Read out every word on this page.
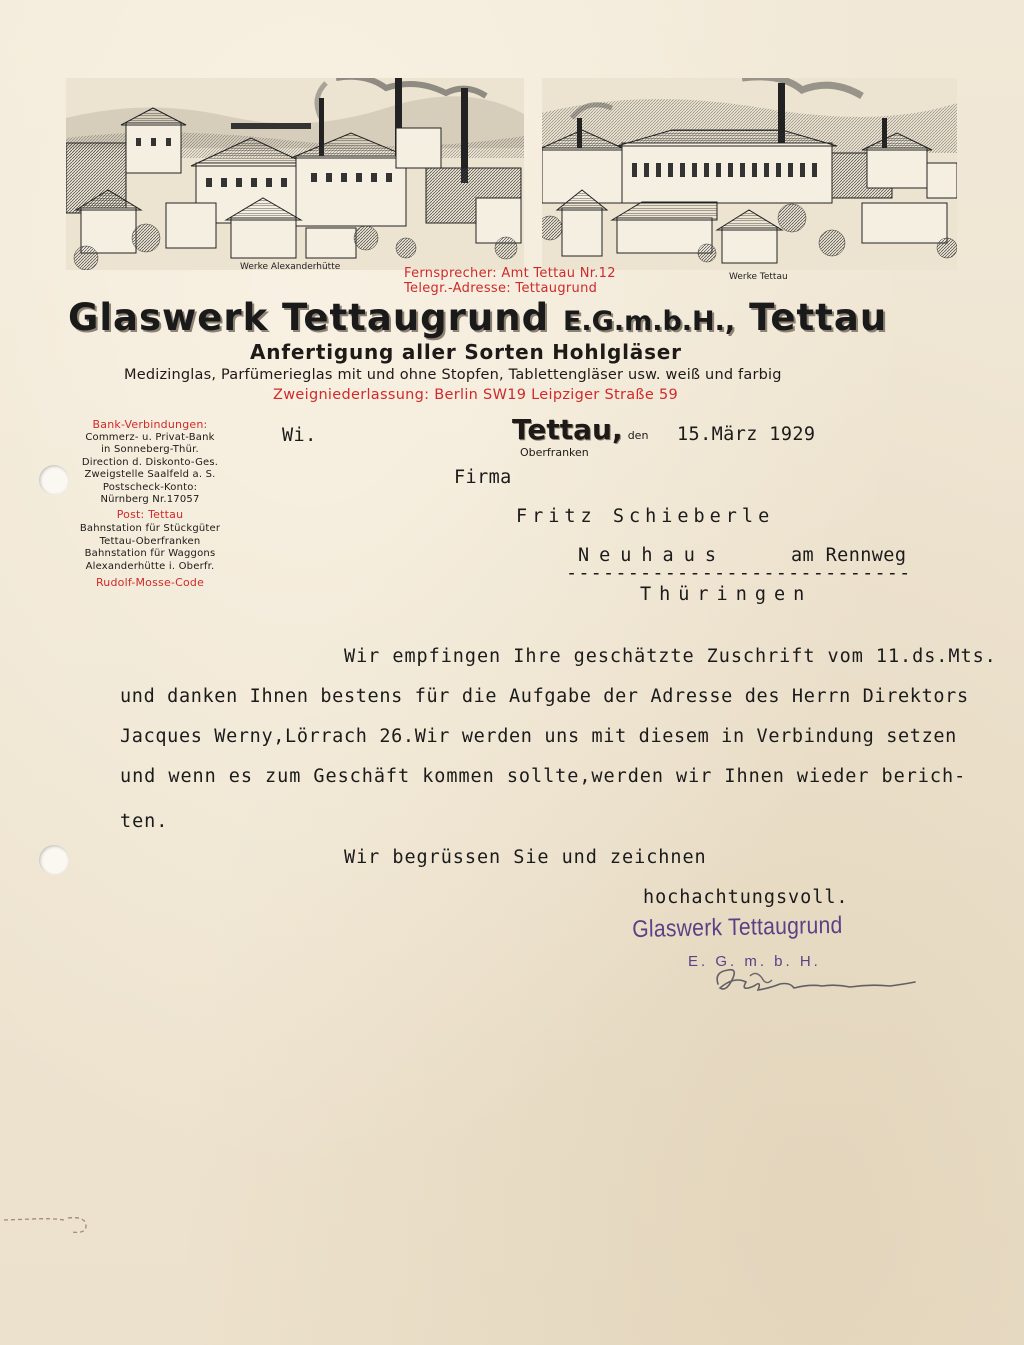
Werke Alexanderhütte
Werke Tettau
Fernsprecher: Amt Tettau Nr.12
Telegr.-Adresse: Tettaugrund
Glaswerk Tettaugrund E.G.m.b.H., Tettau
Anfertigung aller Sorten Hohlgläser
Medizinglas, Parfümerieglas mit und ohne Stopfen, Tablettengläser usw. weiß und farbig
Zweigniederlassung: Berlin SW19 Leipziger Straße 59
Bank-Verbindungen:
Commerz- u. Privat-Bank
in Sonneberg-Thür.
Direction d. Diskonto-Ges.
Zweigstelle Saalfeld a. S.
Postscheck-Konto:
Nürnberg Nr.17057
Post: Tettau
Bahnstation für Stückgüter
Tettau-Oberfranken
Bahnstation für Waggons
Alexanderhütte i. Oberfr.
Rudolf-Mosse-Code
Wi.	Tettau, den
Oberfranken
15.März 1929
Firma
Fritz Schieberle
Neuhaus	am Rennweg
----------------------------
Thüringen
Wir empfingen Ihre geschätzte Zuschrift vom 11.ds.Mts.
und danken Ihnen bestens für die Aufgabe der Adresse des Herrn Direktors
Jacques Werny,Lörrach 26.Wir werden uns mit diesem in Verbindung setzen
und wenn es zum Geschäft kommen sollte,werden wir Ihnen wieder berich-
ten.
Wir begrüssen Sie und zeichnen
hochachtungsvoll.
Glaswerk Tettaugrund
E. G. m. b. H.
